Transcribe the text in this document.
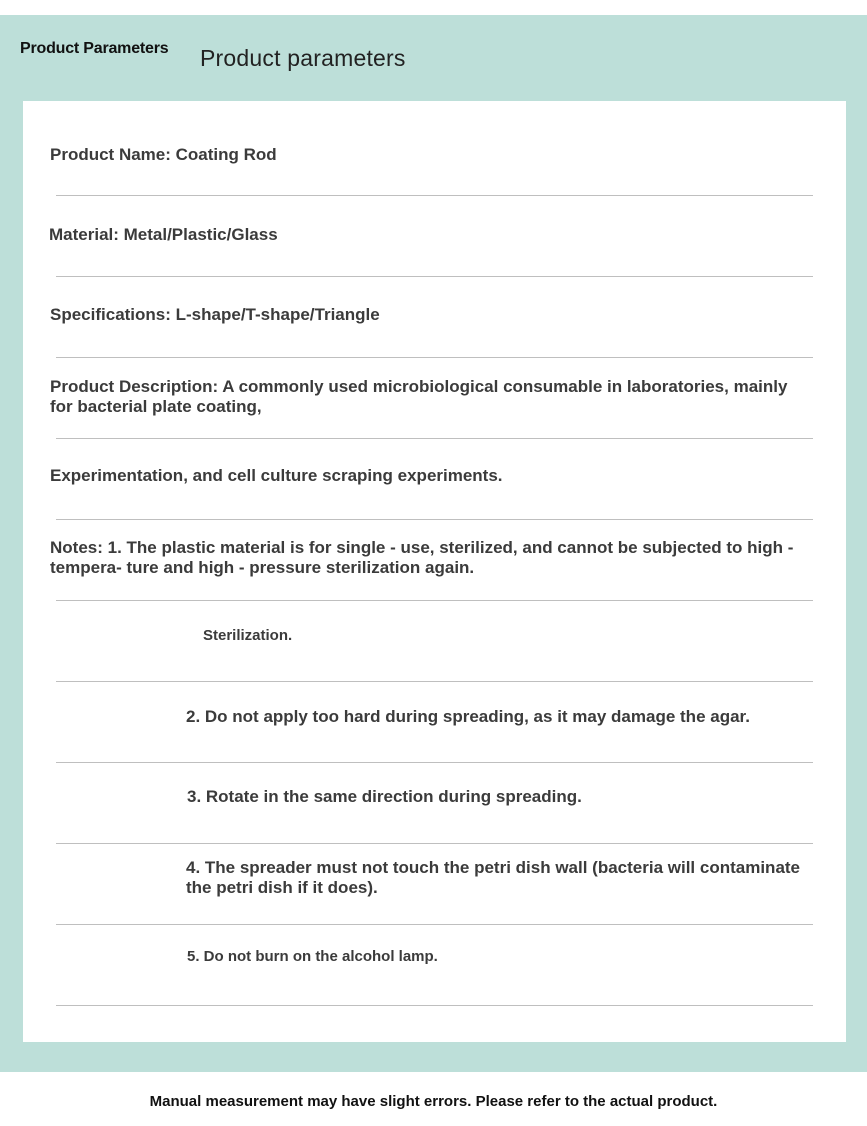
Product Parameters Product parameters
Product Name: Coating Rod
Material: Metal/Plastic/Glass
Specifications: L-shape/T-shape/Triangle
Product Description: A commonly used microbiological consumable in laboratories, mainly for bacterial plate coating,
Experimentation, and cell culture scraping experiments.
Notes: 1. The plastic material is for single - use, sterilized, and cannot be subjected to high - tempera- ture and high - pressure sterilization again.
Sterilization.
2. Do not apply too hard during spreading, as it may damage the agar.
3. Rotate in the same direction during spreading.
4. The spreader must not touch the petri dish wall (bacteria will contaminate the petri dish if it does).
5. Do not burn on the alcohol lamp.
Manual measurement may have slight errors. Please refer to the actual product.
